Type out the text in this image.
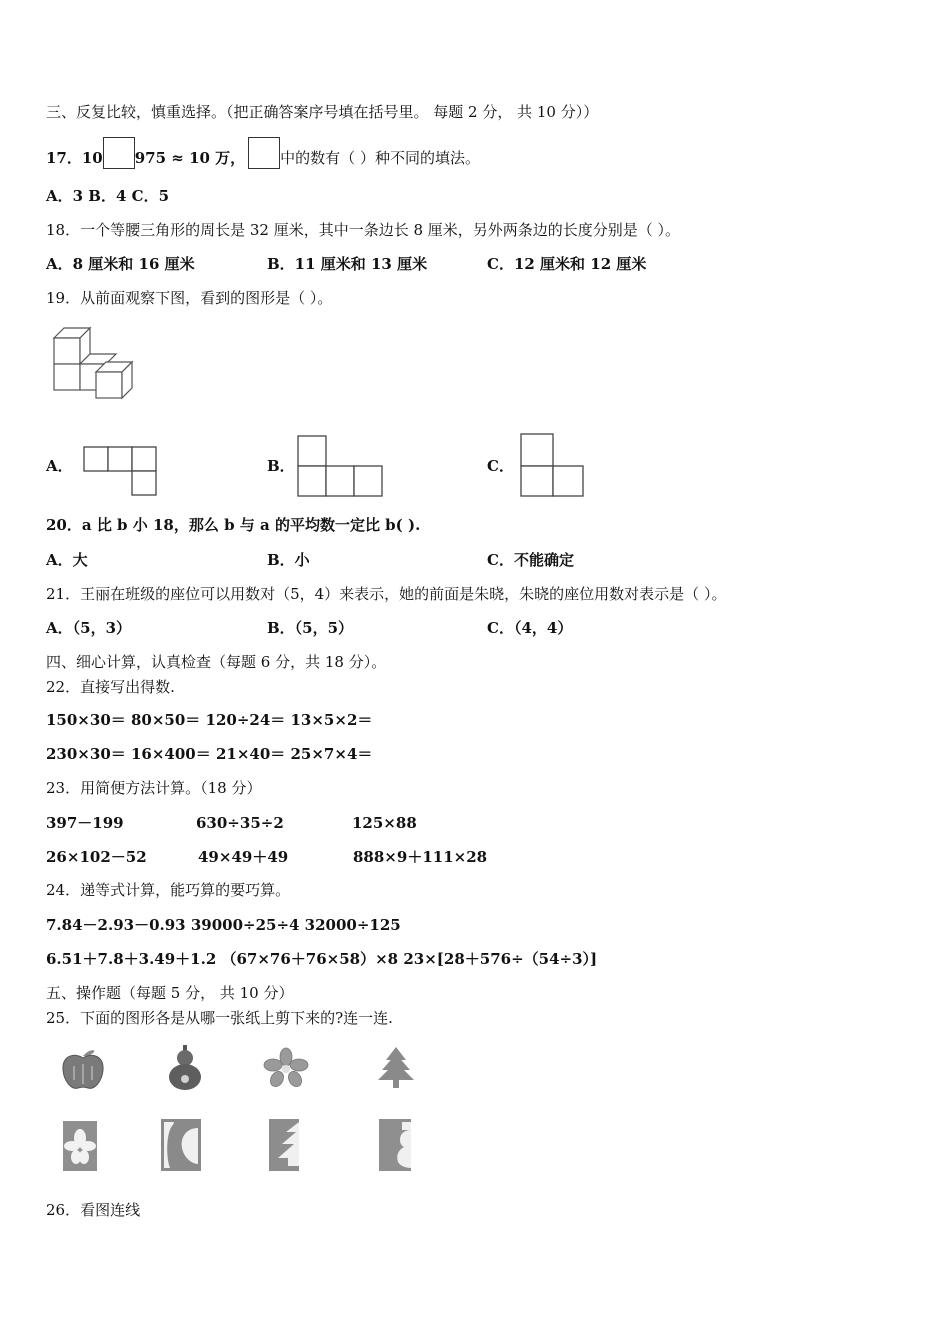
三、反复比较，慎重选择。（把正确答案序号填在括号里。 每题 2 分， 共 10 分））
17．10 975 ≈ 10 万， 中的数有（ ）种不同的填法。
A．3 B．4 C．5
18．一个等腰三角形的周长是 32 厘米，其中一条边长 8 厘米，另外两条边的长度分别是（ ）。
A．8 厘米和 16 厘米	B．11 厘米和 13 厘米	C．12 厘米和 12 厘米
19．从前面观察下图，看到的图形是（ ）。
A．	B．	C．
20．a 比 b 小 18，那么 b 与 a 的平均数一定比 b( ).
A．大	B．小	C．不能确定
21．王丽在班级的座位可以用数对（5，4）来表示，她的前面是朱晓，朱晓的座位用数对表示是（ ）。
A．（5，3）	B．（5，5）	C．（4，4）
四、细心计算，认真检查（每题 6 分，共 18 分）。
22．直接写出得数.
150×30＝ 80×50＝ 120÷24＝ 13×5×2＝
230×30＝ 16×400＝ 21×40＝ 25×7×4＝
23．用简便方法计算。（18 分）
397－199	630÷35÷2	125×88
26×102－52	49×49＋49	888×9＋111×28
24．递等式计算，能巧算的要巧算。
7.84－2.93－0.93 39000÷25÷4 32000÷125
6.51＋7.8＋3.49＋1.2 （67×76＋76×58）×8 23×[28＋576÷（54÷3）]
五、操作题（每题 5 分， 共 10 分）
25．下面的图形各是从哪一张纸上剪下来的?连一连.
26．看图连线
